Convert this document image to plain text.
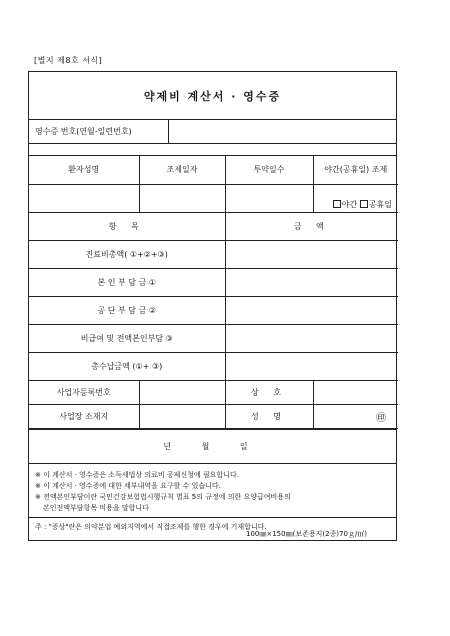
[별지 제8호 서식]
약제비 계산서 · 영수증
영수증 번호(연월-일련번호)
환자성명	조제일자	투약일수	야간(공휴일) 조제
			야간 공휴일
항 목		금 액	
진료비총액( ①+②+③)			
본 인 부 담 금 ①			
공 단 부 담 금 ②			
비급여 및 전액본인부담 ③			
총수납금액 (①+ ③)			
사업자등록번호		상 호	
사업장 소재지		성 명	㊞
년 월 일
※ 이 계산서 · 영수증은 소득세법상 의료비 공제신청에 필요합니다.
※ 이 계산서 · 영수증에 대한 세부내역을 요구할 수 있습니다.
※ 전액본인부담이란 국민건강보험법시행규칙 별표 5의 규정에 의한 요양급여비용의
본인전액부담항목 비용을 말합니다
주 : "증상"란은 의약분업 예외지역에서 직접조제를 행한 경우에 기재합니다.
100㎜×150㎜(보존용지(2종)70ｇ/㎡)
